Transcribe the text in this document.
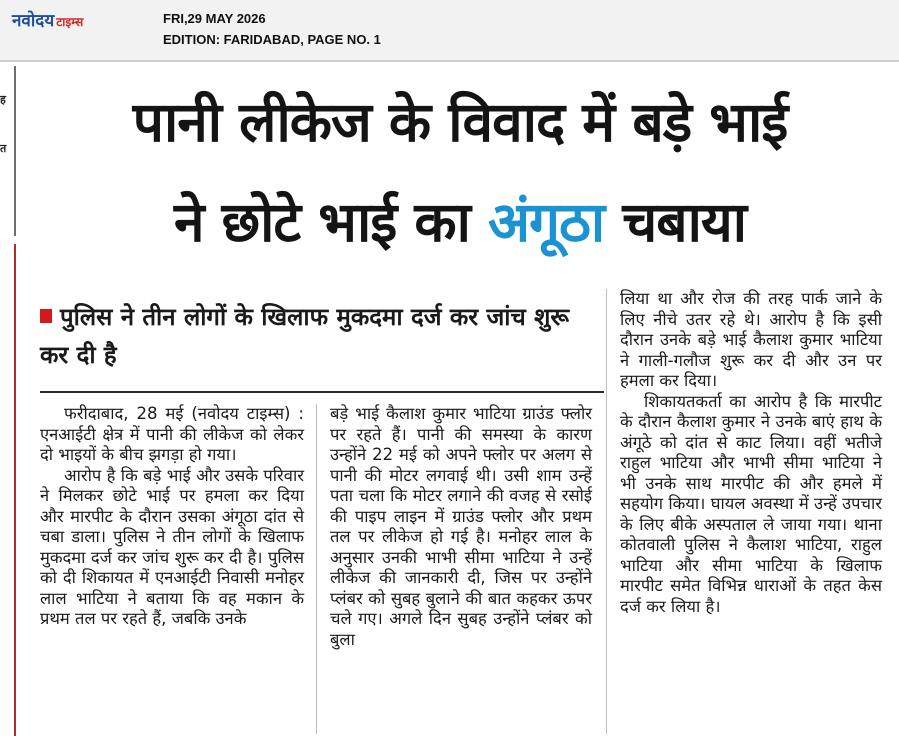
नवोदय टाइम्स	FRI,29 MAY 2026
EDITION: FARIDABAD, PAGE NO. 1
ह
त	पानी लीकेज के विवाद में बड़े भाई
ने छोटे भाई का अंगूठा चबाया
पुलिस ने तीन लोगों के खिलाफ मुकदमा दर्ज कर जांच शुरू कर दी है

फरीदाबाद, 28 मई (नवोदय टाइम्स) : एनआईटी क्षेत्र में पानी की लीकेज को लेकर दो भाइयों के बीच झगड़ा हो गया।

आरोप है कि बड़े भाई और उसके परिवार ने मिलकर छोटे भाई पर हमला कर दिया और मारपीट के दौरान उसका अंगूठा दांत से चबा डाला। पुलिस ने तीन लोगों के खिलाफ मुकदमा दर्ज कर जांच शुरू कर दी है। पुलिस को दी शिकायत में एनआईटी निवासी मनोहर लाल भाटिया ने बताया कि वह मकान के प्रथम तल पर रहते हैं, जबकि उनके

बड़े भाई कैलाश कुमार भाटिया ग्राउंड फ्लोर पर रहते हैं। पानी की समस्या के कारण उन्होंने 22 मई को अपने फ्लोर पर अलग से पानी की मोटर लगवाई थी। उसी शाम उन्हें पता चला कि मोटर लगाने की वजह से रसोई की पाइप लाइन में ग्राउंड फ्लोर और प्रथम तल पर लीकेज हो गई है। मनोहर लाल के अनुसार उनकी भाभी सीमा भाटिया ने उन्हें लीकेज की जानकारी दी, जिस पर उन्होंने प्लंबर को सुबह बुलाने की बात कहकर ऊपर चले गए। अगले दिन सुबह उन्होंने प्लंबर को बुला

लिया था और रोज की तरह पार्क जाने के लिए नीचे उतर रहे थे। आरोप है कि इसी दौरान उनके बड़े भाई कैलाश कुमार भाटिया ने गाली-गलौज शुरू कर दी और उन पर हमला कर दिया।

शिकायतकर्ता का आरोप है कि मारपीट के दौरान कैलाश कुमार ने उनके बाएं हाथ के अंगूठे को दांत से काट लिया। वहीं भतीजे राहुल भाटिया और भाभी सीमा भाटिया ने भी उनके साथ मारपीट की और हमले में सहयोग किया। घायल अवस्था में उन्हें उपचार के लिए बीके अस्पताल ले जाया गया। थाना कोतवाली पुलिस ने कैलाश भाटिया, राहुल भाटिया और सीमा भाटिया के खिलाफ मारपीट समेत विभिन्न धाराओं के तहत केस दर्ज कर लिया है।
